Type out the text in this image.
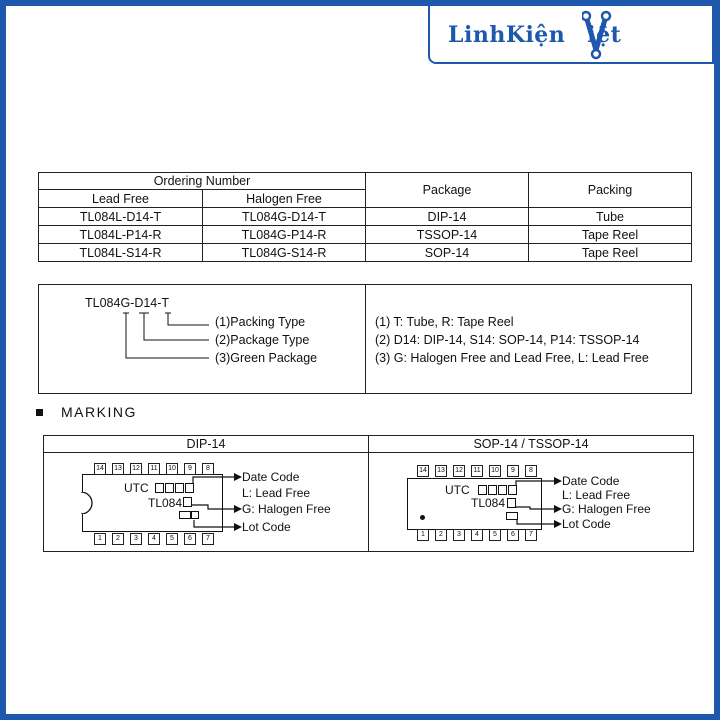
LinhKiện iệt
Ordering Number		Package	Packing
Lead Free	Halogen Free		
TL084L-D14-T	TL084G-D14-T	DIP-14	Tube
TL084L-P14-R	TL084G-P14-R	TSSOP-14	Tape Reel
TL084L-S14-R	TL084G-S14-R	SOP-14	Tape Reel
TL084G-D14-T
(1)Packing Type
(2)Package Type
(3)Green Package
(1) T: Tube, R: Tape Reel
(2) D14: DIP-14, S14: SOP-14, P14: TSSOP-14
(3) G: Halogen Free and Lead Free, L: Lead Free
MARKING
DIP-14	SOP-14 / TSSOP-14
14	13	12	11	10	9	8
1	2	3	4	5	6	7
UTC
TL084
Date Code
L: Lead Free
G: Halogen Free
Lot Code
14	13	12	11	10	9	8
1	2	3	4	5	6	7
UTC
TL084
Date Code
L: Lead Free
G: Halogen Free
Lot Code
